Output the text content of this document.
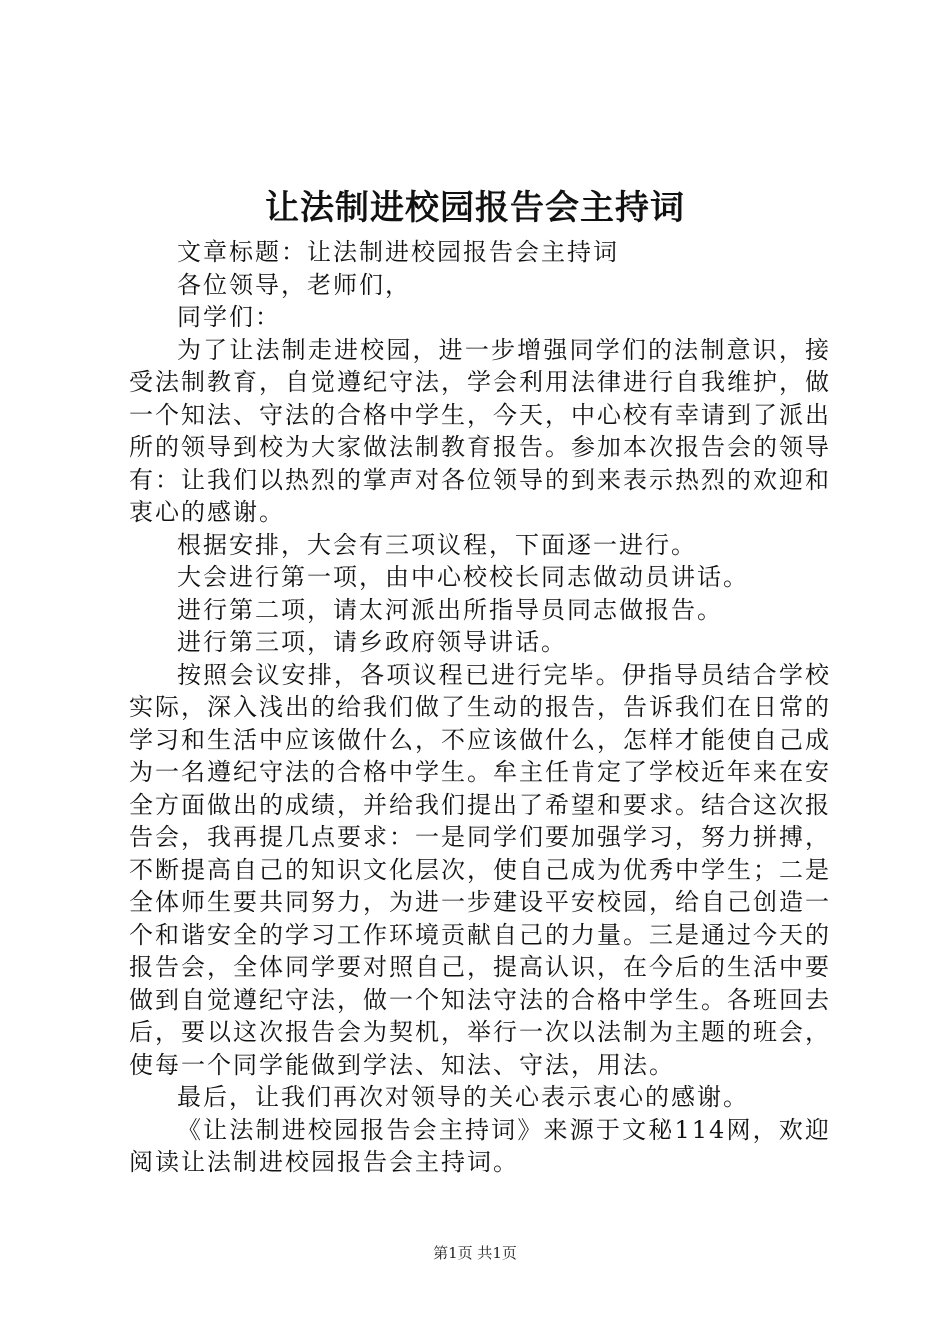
让法制进校园报告会主持词

文章标题：让法制进校园报告会主持词

各位领导，老师们，

同学们：

为了让法制走进校园，进一步增强同学们的法制意识，接受法制教育，自觉遵纪守法，学会利用法律进行自我维护，做一个知法、守法的合格中学生，今天，中心校有幸请到了派出所的领导到校为大家做法制教育报告。参加本次报告会的领导有：让我们以热烈的掌声对各位领导的到来表示热烈的欢迎和衷心的感谢。

根据安排，大会有三项议程，下面逐一进行。

大会进行第一项，由中心校校长同志做动员讲话。

进行第二项，请太河派出所指导员同志做报告。

进行第三项，请乡政府领导讲话。

按照会议安排，各项议程已进行完毕。伊指导员结合学校实际，深入浅出的给我们做了生动的报告，告诉我们在日常的学习和生活中应该做什么，不应该做什么，怎样才能使自己成为一名遵纪守法的合格中学生。牟主任肯定了学校近年来在安全方面做出的成绩，并给我们提出了希望和要求。结合这次报告会，我再提几点要求：一是同学们要加强学习，努力拼搏，不断提高自己的知识文化层次，使自己成为优秀中学生；二是全体师生要共同努力，为进一步建设平安校园，给自己创造一个和谐安全的学习工作环境贡献自己的力量。三是通过今天的报告会，全体同学要对照自己，提高认识，在今后的生活中要做到自觉遵纪守法，做一个知法守法的合格中学生。各班回去后，要以这次报告会为契机，举行一次以法制为主题的班会，使每一个同学能做到学法、知法、守法，用法。

最后，让我们再次对领导的关心表示衷心的感谢。

《让法制进校园报告会主持词》来源于文秘114网，欢迎阅读让法制进校园报告会主持词。

第1页 共1页
